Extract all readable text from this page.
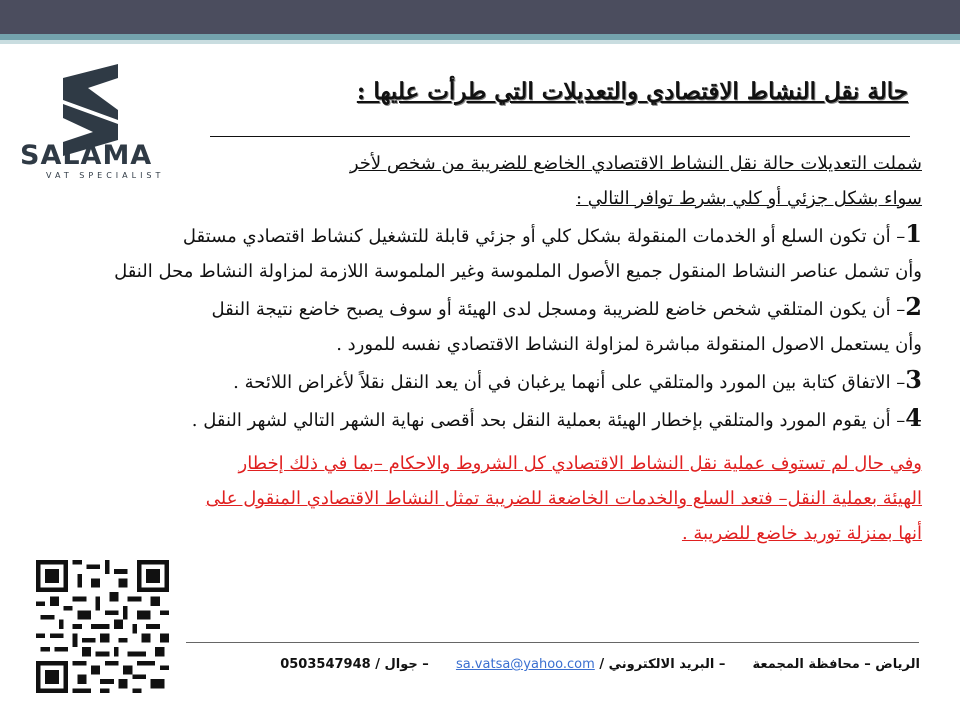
SALAMA
VAT SPECIALIST
حالة نقل النشاط الاقتصادي والتعديلات التي طرأت عليها :

شملت التعديلات حالة نقل النشاط الاقتصادي الخاضع للضريبة من شخص لأخر

سواء بشكل جزئي أو كلي بشرط توافر التالي :

1– أن تكون السلع أو الخدمات المنقولة بشكل كلي أو جزئي قابلة للتشغيل كنشاط اقتصادي مستقل

وأن تشمل عناصر النشاط المنقول جميع الأصول الملموسة وغير الملموسة اللازمة لمزاولة النشاط محل النقل

2– أن يكون المتلقي شخص خاضع للضريبة ومسجل لدى الهيئة أو سوف يصبح خاضع نتيجة النقل

وأن يستعمل الاصول المنقولة مباشرة لمزاولة النشاط الاقتصادي نفسه للمورد .

3– الاتفاق كتابة بين المورد والمتلقي على أنهما يرغبان في أن يعد النقل نقلاً لأغراض اللائحة .

4– أن يقوم المورد والمتلقي بإخطار الهيئة بعملية النقل بحد أقصى نهاية الشهر التالي لشهر النقل .

وفي حال لم تستوف عملية نقل النشاط الاقتصادي كل الشروط والاحكام –بما في ذلك إخطار

الهيئة بعملية النقل– فتعد السلع والخدمات الخاضعة للضريبة تمثل النشاط الاقتصادي المنقول على

أنها بمنزلة توريد خاضع للضريبة .

الرياض – محافظة المجمعة      – البريد الالكتروني / sa.vatsa@yahoo.com      – جوال / 0503547948
